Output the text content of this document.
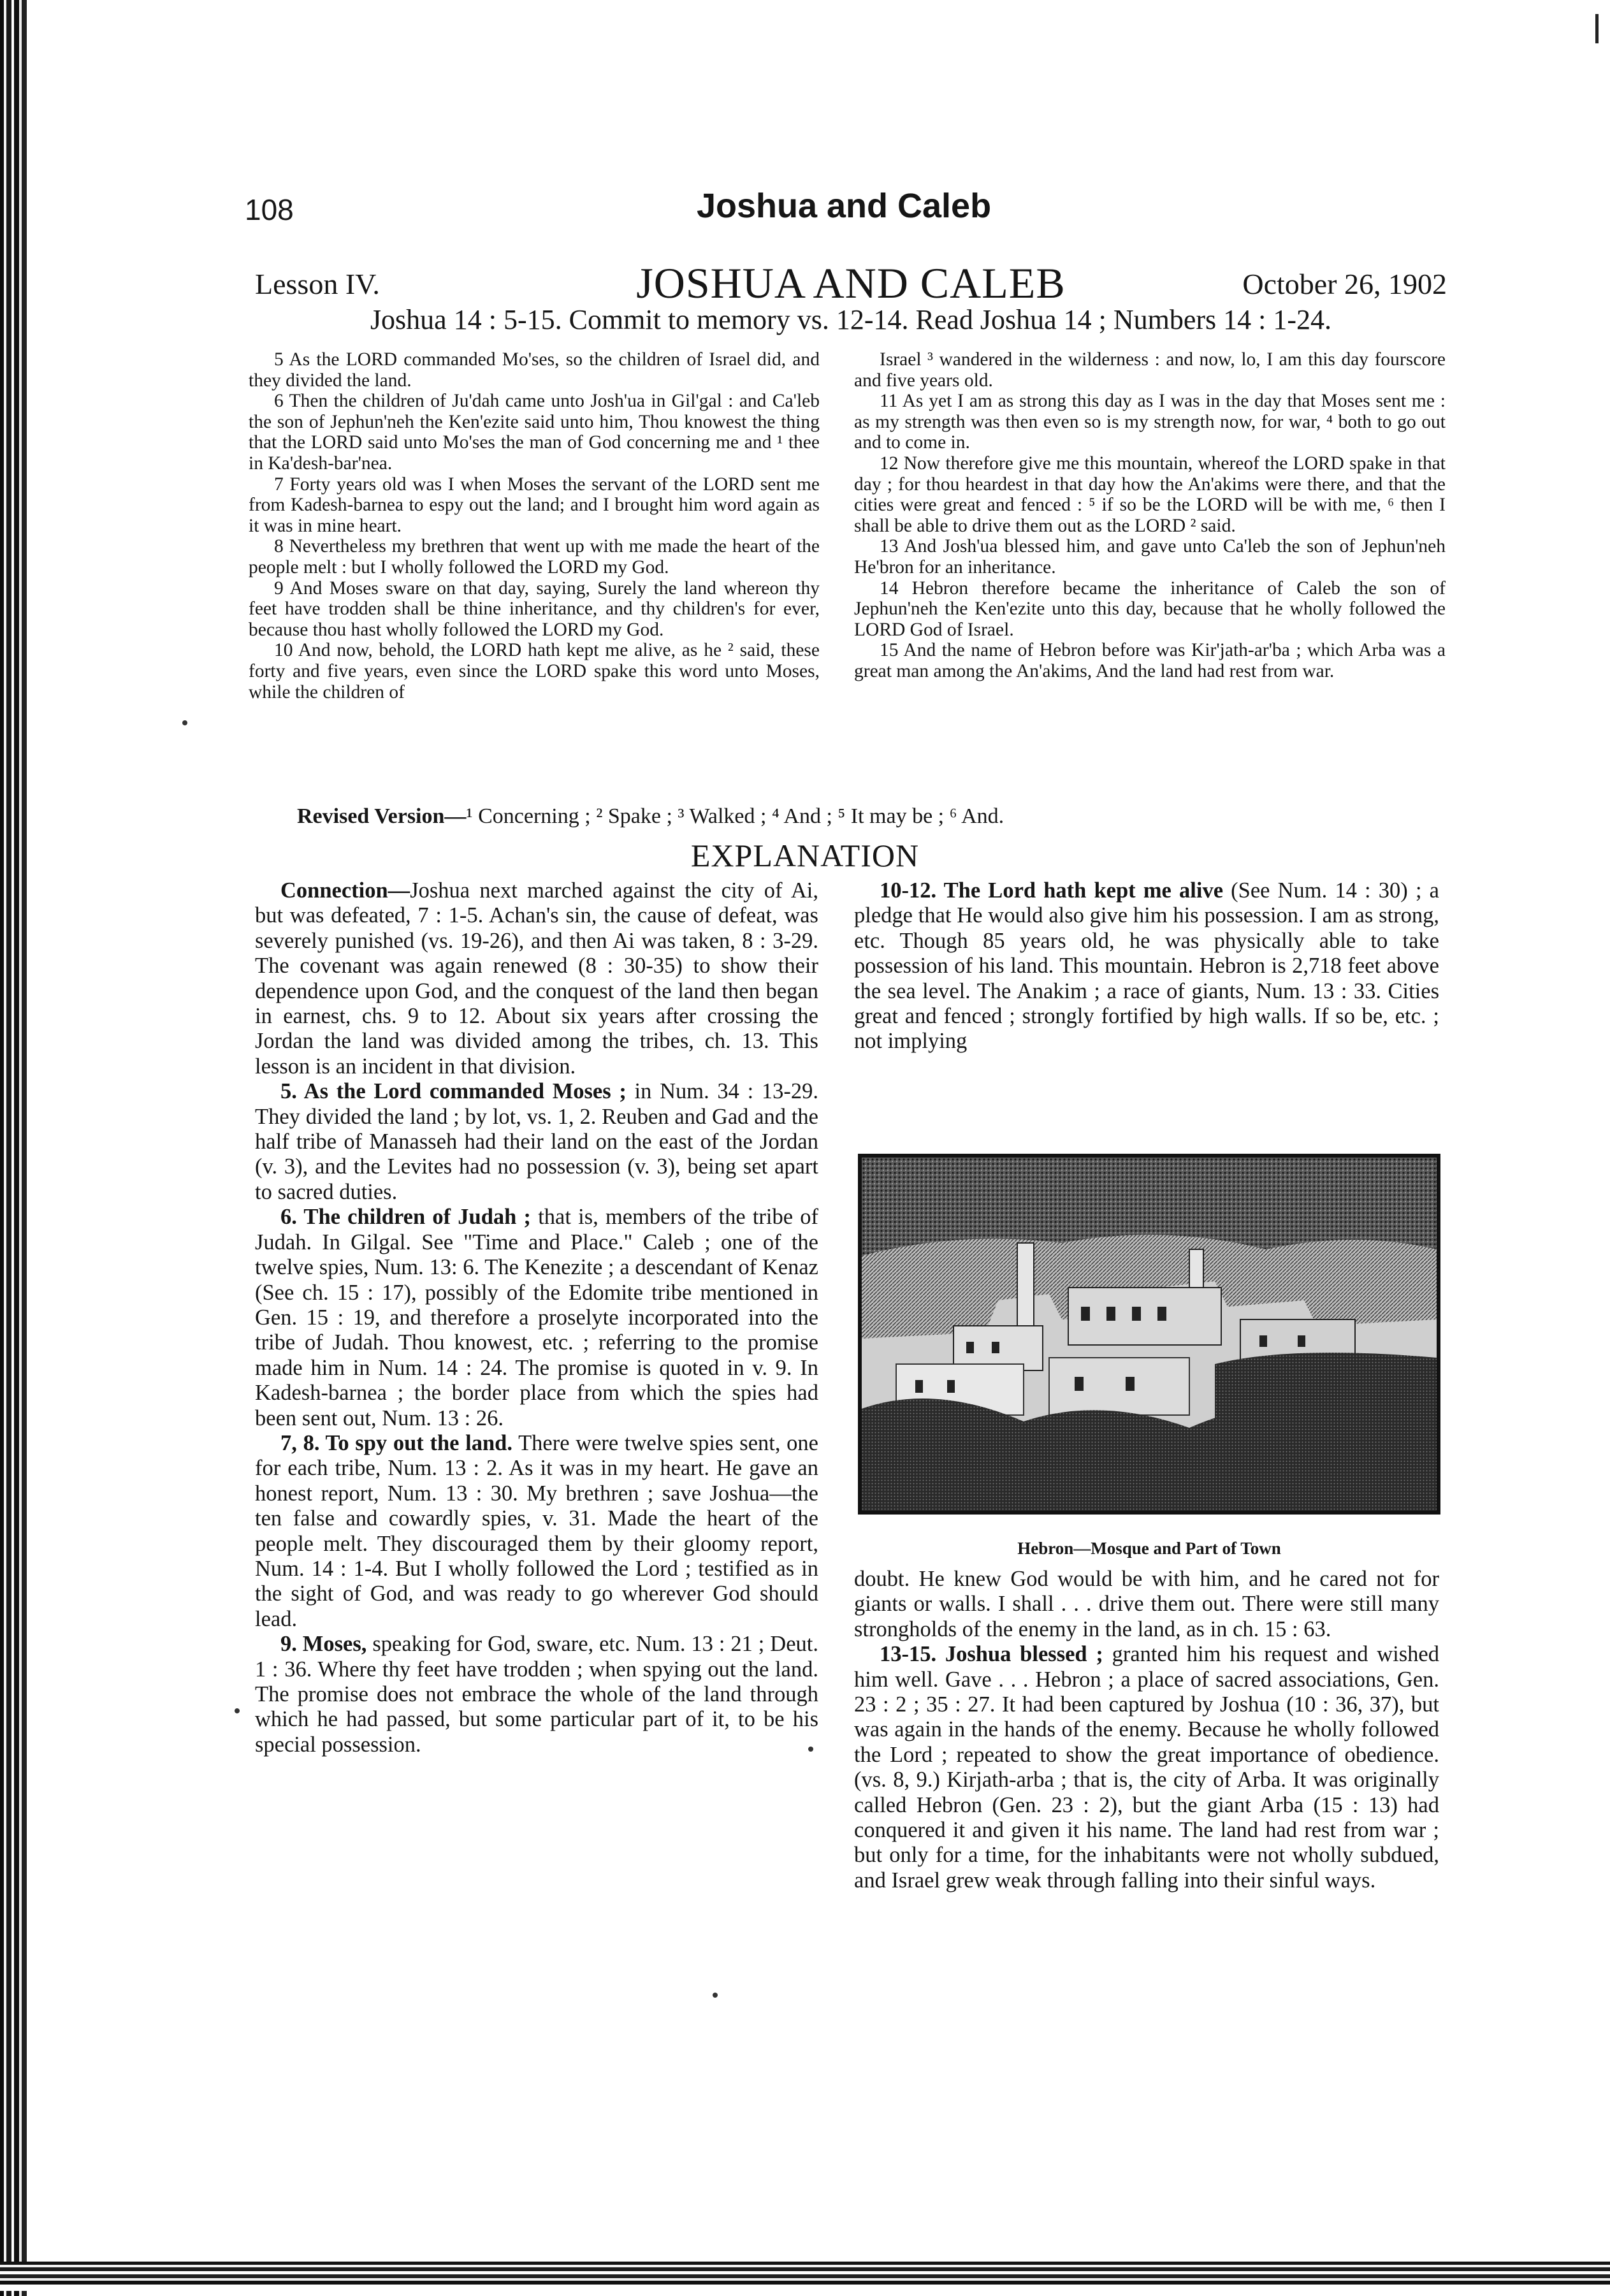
108	Joshua and Caleb
Lesson IV.	JOSHUA AND CALEB	October 26, 1902
Joshua 14 : 5-15. Commit to memory vs. 12-14. Read Joshua 14 ; Numbers 14 : 1-24.

5 As the LORD commanded Mo'ses, so the children of Israel did, and they divided the land.

6 Then the children of Ju'dah came unto Josh'ua in Gil'gal : and Ca'leb the son of Jephun'neh the Ken'ezite said unto him, Thou knowest the thing that the LORD said unto Mo'ses the man of God concerning me and ¹ thee in Ka'desh-bar'nea.

7 Forty years old was I when Moses the servant of the LORD sent me from Kadesh-barnea to espy out the land; and I brought him word again as it was in mine heart.

8 Nevertheless my brethren that went up with me made the heart of the people melt : but I wholly followed the LORD my God.

9 And Moses sware on that day, saying, Surely the land whereon thy feet have trodden shall be thine inheritance, and thy children's for ever, because thou hast wholly followed the LORD my God.

10 And now, behold, the LORD hath kept me alive, as he ² said, these forty and five years, even since the LORD spake this word unto Moses, while the children of

Israel ³ wandered in the wilderness : and now, lo, I am this day fourscore and five years old.

11 As yet I am as strong this day as I was in the day that Moses sent me : as my strength was then even so is my strength now, for war, ⁴ both to go out and to come in.

12 Now therefore give me this mountain, whereof the LORD spake in that day ; for thou heardest in that day how the An'akims were there, and that the cities were great and fenced : ⁵ if so be the LORD will be with me, ⁶ then I shall be able to drive them out as the LORD ² said.

13 And Josh'ua blessed him, and gave unto Ca'leb the son of Jephun'neh He'bron for an inheritance.

14 Hebron therefore became the inheritance of Caleb the son of Jephun'neh the Ken'ezite unto this day, because that he wholly followed the LORD God of Israel.

15 And the name of Hebron before was Kir'jath-ar'ba ; which Arba was a great man among the An'akims, And the land had rest from war.

Revised Version—¹ Concerning ; ² Spake ; ³ Walked ; ⁴ And ; ⁵ It may be ; ⁶ And.
EXPLANATION

Connection—Joshua next marched against the city of Ai, but was defeated, 7 : 1-5. Achan's sin, the cause of defeat, was severely punished (vs. 19-26), and then Ai was taken, 8 : 3-29. The covenant was again renewed (8 : 30-35) to show their dependence upon God, and the conquest of the land then began in earnest, chs. 9 to 12. About six years after crossing the Jordan the land was divided among the tribes, ch. 13. This lesson is an incident in that division.

5. As the Lord commanded Moses ; in Num. 34 : 13-29. They divided the land ; by lot, vs. 1, 2. Reuben and Gad and the half tribe of Manasseh had their land on the east of the Jordan (v. 3), and the Levites had no possession (v. 3), being set apart to sacred duties.

6. The children of Judah ; that is, members of the tribe of Judah. In Gilgal. See "Time and Place." Caleb ; one of the twelve spies, Num. 13: 6. The Kenezite ; a descendant of Kenaz (See ch. 15 : 17), possibly of the Edomite tribe mentioned in Gen. 15 : 19, and therefore a proselyte incorporated into the tribe of Judah. Thou knowest, etc. ; referring to the promise made him in Num. 14 : 24. The promise is quoted in v. 9. In Kadesh-barnea ; the border place from which the spies had been sent out, Num. 13 : 26.

7, 8. To spy out the land. There were twelve spies sent, one for each tribe, Num. 13 : 2. As it was in my heart. He gave an honest report, Num. 13 : 30. My brethren ; save Joshua—the ten false and cowardly spies, v. 31. Made the heart of the people melt. They discouraged them by their gloomy report, Num. 14 : 1-4. But I wholly followed the Lord ; testified as in the sight of God, and was ready to go wherever God should lead.

9. Moses, speaking for God, sware, etc. Num. 13 : 21 ; Deut. 1 : 36. Where thy feet have trodden ; when spying out the land. The promise does not embrace the whole of the land through which he had passed, but some particular part of it, to be his special possession.

10-12. The Lord hath kept me alive (See Num. 14 : 30) ; a pledge that He would also give him his possession. I am as strong, etc. Though 85 years old, he was physically able to take possession of his land. This mountain. Hebron is 2,718 feet above the sea level. The Anakim ; a race of giants, Num. 13 : 33. Cities great and fenced ; strongly fortified by high walls. If so be, etc. ; not implying

Hebron—Mosque and Part of Town

doubt. He knew God would be with him, and he cared not for giants or walls. I shall . . . drive them out. There were still many strongholds of the enemy in the land, as in ch. 15 : 63.

13-15. Joshua blessed ; granted him his request and wished him well. Gave . . . Hebron ; a place of sacred associations, Gen. 23 : 2 ; 35 : 27. It had been captured by Joshua (10 : 36, 37), but was again in the hands of the enemy. Because he wholly followed the Lord ; repeated to show the great importance of obedience. (vs. 8, 9.) Kirjath-arba ; that is, the city of Arba. It was originally called Hebron (Gen. 23 : 2), but the giant Arba (15 : 13) had conquered it and given it his name. The land had rest from war ; but only for a time, for the inhabitants were not wholly subdued, and Israel grew weak through falling into their sinful ways.
